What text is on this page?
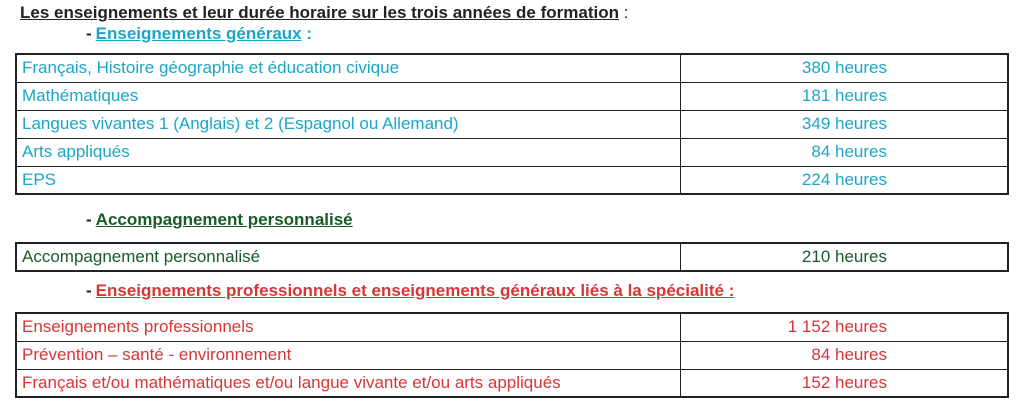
Les enseignements et leur durée horaire sur les trois années de formation :
- Enseignements généraux :
Français, Histoire géographie et éducation civique	380 heures
Mathématiques	181 heures
Langues vivantes 1 (Anglais) et 2 (Espagnol ou Allemand)	349 heures
Arts appliqués	84 heures
EPS	224 heures
- Accompagnement personnalisé
Accompagnement personnalisé	210 heures
- Enseignements professionnels et enseignements généraux liés à la spécialité :
Enseignements professionnels	1 152 heures
Prévention – santé - environnement	84 heures
Français et/ou mathématiques et/ou langue vivante et/ou arts appliqués	152 heures
